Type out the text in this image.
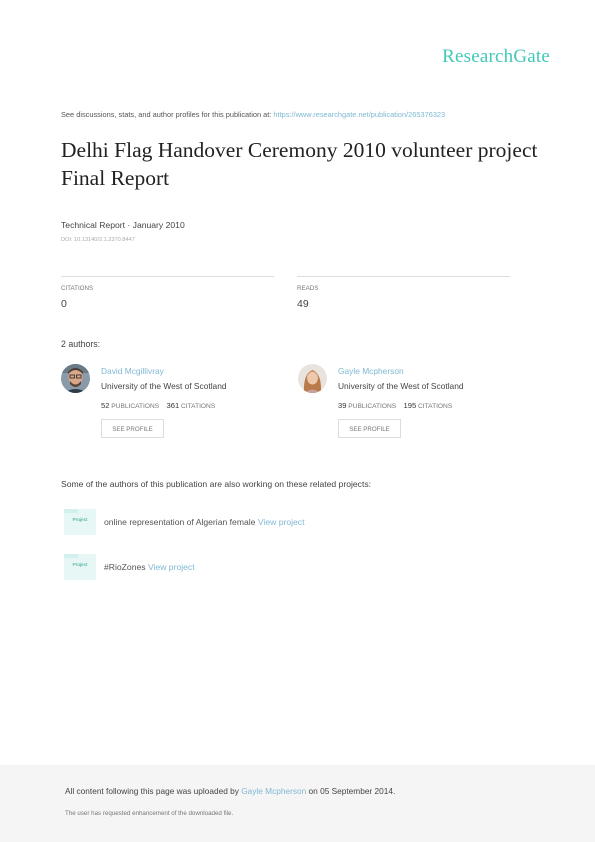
ResearchGate
See discussions, stats, and author profiles for this publication at: https://www.researchgate.net/publication/265376323
Delhi Flag Handover Ceremony 2010 volunteer project Final Report
Technical Report · January 2010
DOI: 10.13140/2.1.2370.8447
CITATIONS
0
READS
49
2 authors:
David Mcgillivray
University of the West of Scotland
52 PUBLICATIONS 361 CITATIONS
SEE PROFILE
Gayle Mcpherson
University of the West of Scotland
39 PUBLICATIONS 195 CITATIONS
SEE PROFILE
Some of the authors of this publication are also working on these related projects:
Project	online representation of Algerian female View project
Project	#RioZones View project
All content following this page was uploaded by Gayle Mcpherson on 05 September 2014.
The user has requested enhancement of the downloaded file.
